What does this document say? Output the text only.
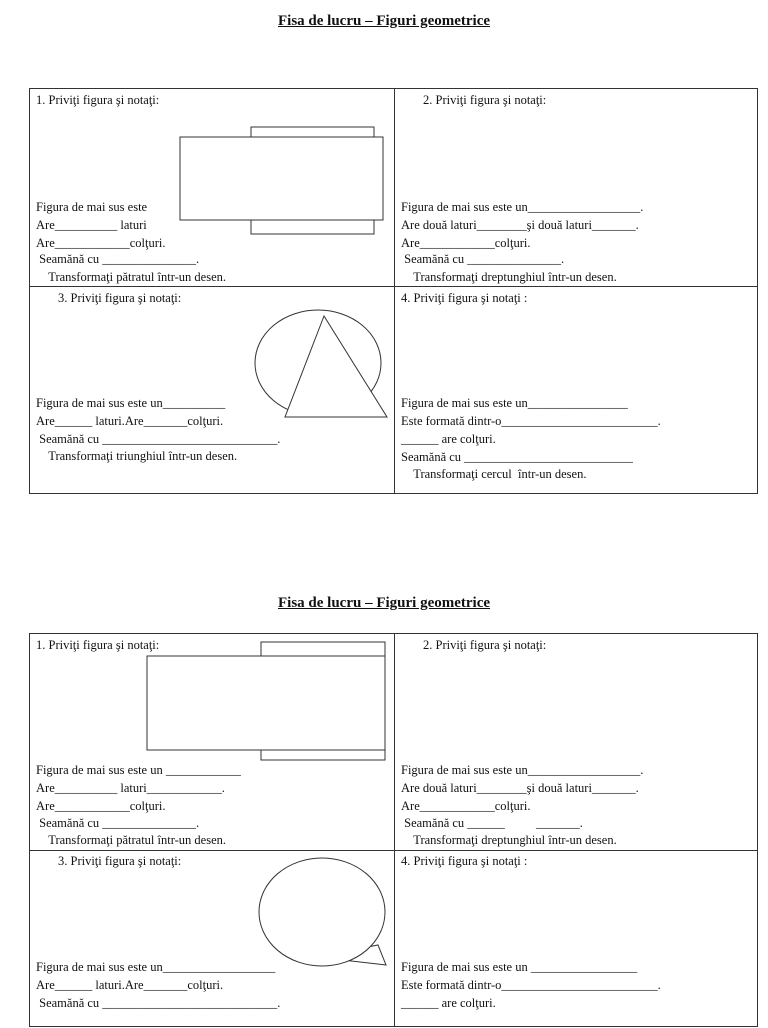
Fisa de lucru – Figuri geometrice
1. Priviţi figura şi notaţi:
Figura de mai sus este
Are__________ laturi
Are____________colţuri.
Seamănă cu _______________.
Transformaţi pătratul într-un desen.
2. Priviţi figura şi notaţi:
Figura de mai sus este un__________________.
Are două laturi________şi două laturi_______.
Are____________colţuri.
Seamănă cu _______________.
Transformaţi dreptunghiul într-un desen.
3. Priviţi figura şi notaţi:
Figura de mai sus este un__________
Are______ laturi.Are_______colţuri.
Seamănă cu ____________________________.
Transformaţi triunghiul într-un desen.
4. Priviţi figura şi notaţi :
Figura de mai sus este un________________
Este formată dintr-o_________________________.
______ are colţuri.
Seamănă cu ___________________________
Transformaţi cercul  într-un desen.
Fisa de lucru – Figuri geometrice
1. Priviţi figura şi notaţi:
Figura de mai sus este un ____________
Are__________ laturi____________.
Are____________colţuri.
Seamănă cu _______________.
Transformaţi pătratul într-un desen.
2. Priviţi figura şi notaţi:
Figura de mai sus este un__________________.
Are două laturi________şi două laturi_______.
Are____________colţuri.
Seamănă cu ______          _______.
Transformaţi dreptunghiul într-un desen.
3. Priviţi figura şi notaţi:
Figura de mai sus este un__________________
Are______ laturi.Are_______colţuri.
Seamănă cu ____________________________.
4. Priviţi figura şi notaţi :
Figura de mai sus este un _________________
Este formată dintr-o_________________________.
______ are colţuri.
